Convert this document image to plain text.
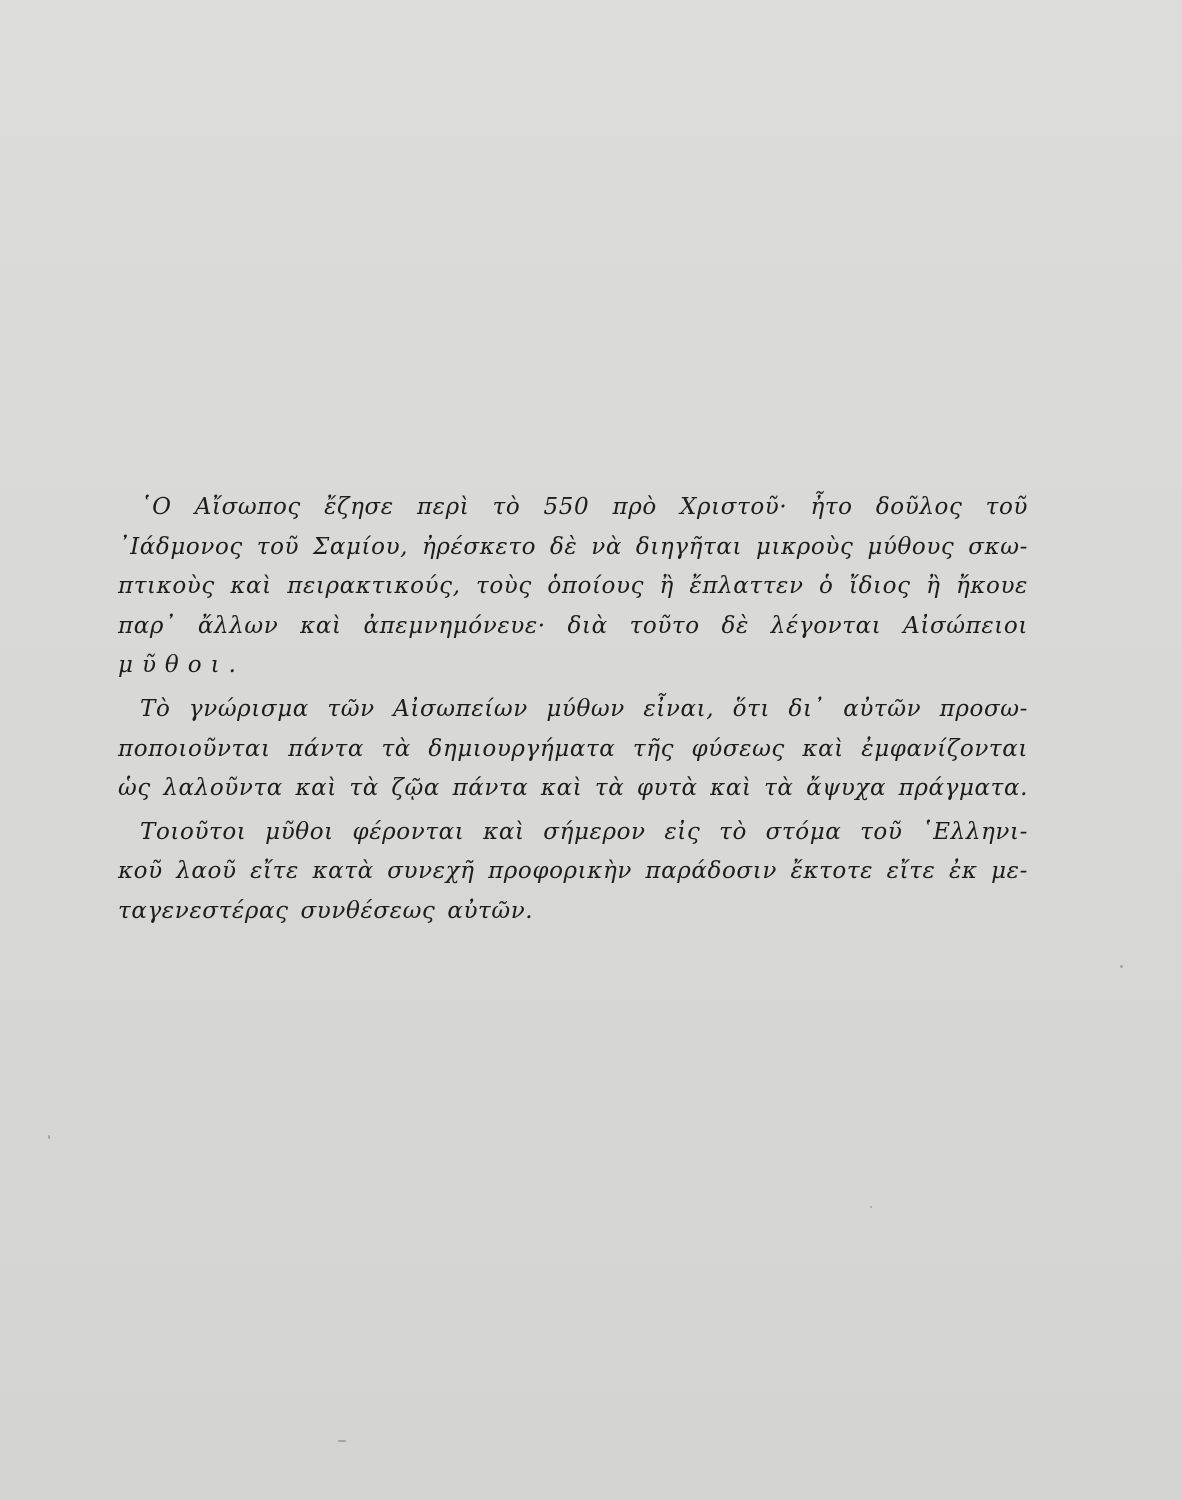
῾Ο Αἴσωπος ἔζησε περὶ τὸ 550 πρὸ Χριστοῦ· ἦτο δοῦλος τοῦ
᾿Ιάδμονος τοῦ Σαμίου, ἠρέσκετο δὲ νὰ διηγῆται μικροὺς μύθους σκω-
πτικοὺς καὶ πειρακτικούς, τοὺς ὁποίους ἢ ἔπλαττεν ὁ ἴδιος ἢ ἤκουε
παρ᾿ ἄλλων καὶ ἀπεμνημόνευε· διὰ τοῦτο δὲ λέγονται Αἰσώπειοι
μῦθοι.
Τὸ γνώρισμα τῶν Αἰσωπείων μύθων εἶναι, ὅτι δι᾿ αὐτῶν προσω-
ποποιοῦνται πάντα τὰ δημιουργήματα τῆς φύσεως καὶ ἐμφανίζονται
ὡς λαλοῦντα καὶ τὰ ζῷα πάντα καὶ τὰ φυτὰ καὶ τὰ ἄψυχα πράγματα.
Τοιοῦτοι μῦθοι φέρονται καὶ σήμερον εἰς τὸ στόμα τοῦ ῾Ελληνι-
κοῦ λαοῦ εἴτε κατὰ συνεχῆ προφορικὴν παράδοσιν ἔκτοτε εἴτε ἐκ με-
ταγενεστέρας συνθέσεως αὐτῶν.
